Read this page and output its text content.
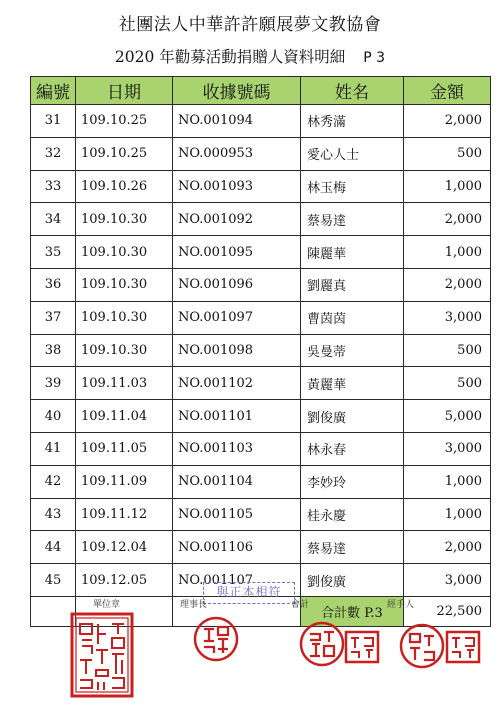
社團法人中華許許願展夢文教協會
2020 年勸募活動捐贈人資料明細 P 3
編號	日期	收據號碼	姓名	金額
31	109.10.25	NO.001094	林秀滿	2,000
32	109.10.25	NO.000953	愛心人士	500
33	109.10.26	NO.001093	林玉梅	1,000
34	109.10.30	NO.001092	蔡易達	2,000
35	109.10.30	NO.001095	陳麗華	1,000
36	109.10.30	NO.001096	劉麗真	2,000
37	109.10.30	NO.001097	曹茵茵	3,000
38	109.10.30	NO.001098	吳曼蒂	500
39	109.11.03	NO.001102	黃麗華	500
40	109.11.04	NO.001101	劉俊廣	5,000
41	109.11.05	NO.001103	林永春	3,000
42	109.11.09	NO.001104	李妙玲	1,000
43	109.11.12	NO.001105	桂永慶	1,000
44	109.12.04	NO.001106	蔡易達	2,000
45	109.12.05	NO.001107	劉俊廣	3,000
			合計數 P.3	22,500
與正本相符
單位章	理事長	會計	經手人
